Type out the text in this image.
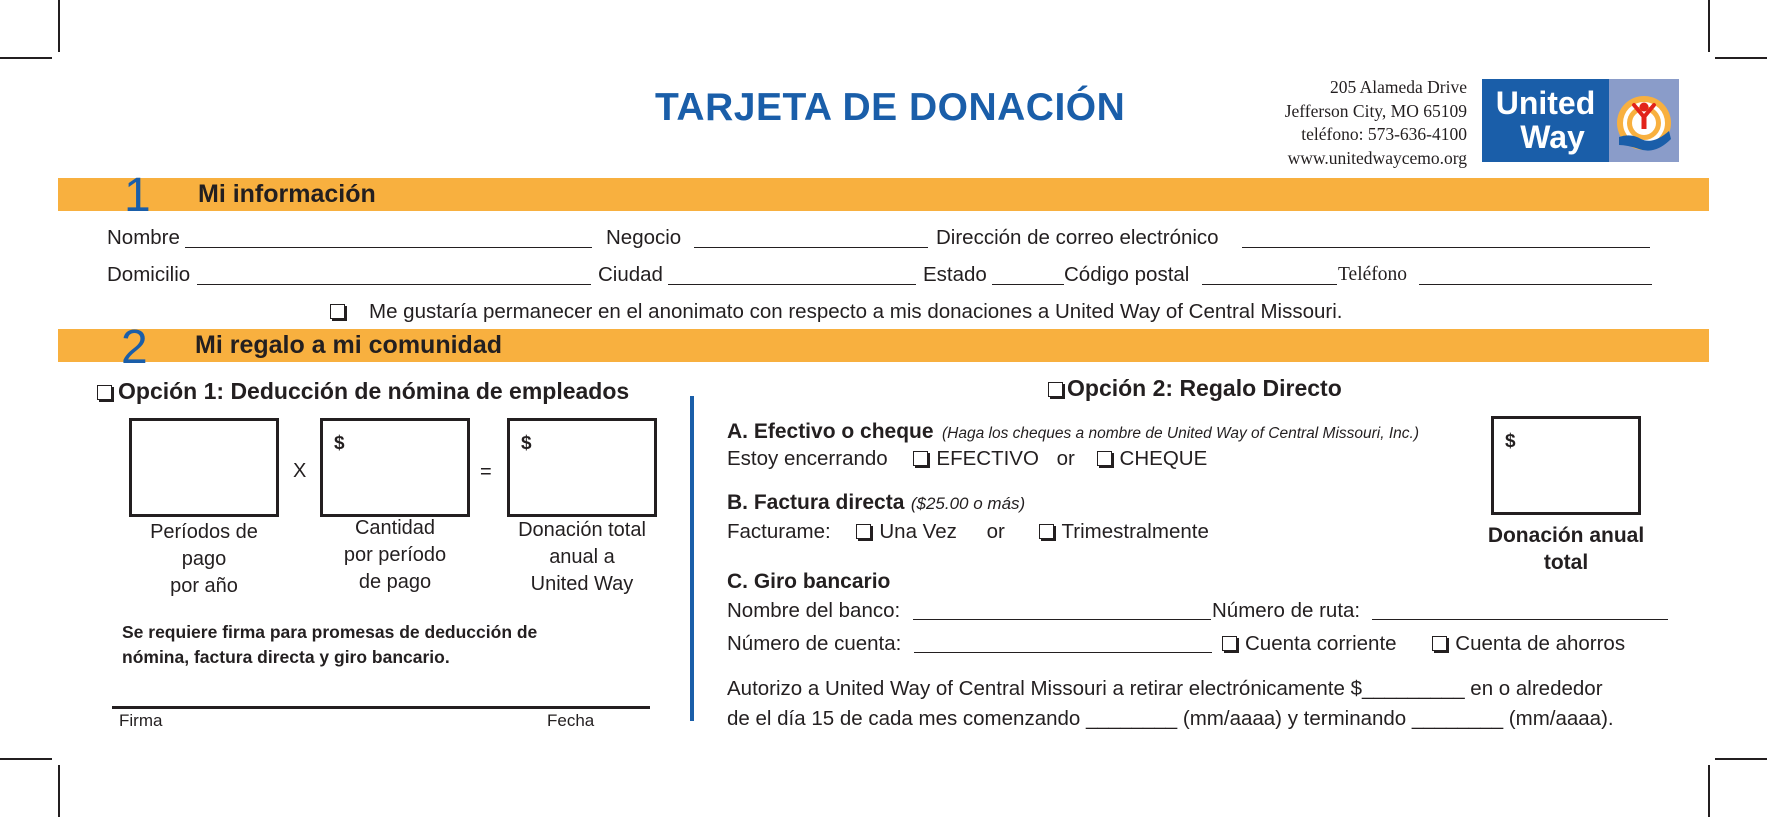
TARJETA DE DONACIÓN	205 Alameda Drive
Jefferson City, MO 65109
teléfono: 573-636-4100
www.unitedwaycemo.org
United
Way
1 Mi información
Nombre	Negocio	Dirección de correo electrónico
Domicilio	Ciudad	Estado	Código postal	Teléfono
Me gustaría permanecer en el anonimato con respecto a mis donaciones a United Way of Central Missouri.
2 Mi regalo a mi comunidad
Opción 1: Deducción de nómina de empleados
X
$
=
$
Períodos de
pago
por año
Cantidad
por período
de pago
Donación total
anual a
United Way
Se requiere firma para promesas de deducción de
nómina, factura directa y giro bancario.
Firma	Fecha
Opción 2: Regalo Directo
A. Efectivo o cheque (Haga los cheques a nombre de United Way of Central Missouri, Inc.)
Estoy encerrando EFECTIVO or CHEQUE
B. Factura directa ($25.00 o más)
Facturame: Una Vez or	Trimestralmente
$
Donación anual
total
C. Giro bancario
Nombre del banco:	Número de ruta:
Número de cuenta:	Cuenta corriente	Cuenta de ahorros
Autorizo a United Way of Central Missouri a retirar electrónicamente $_________ en o alrededor
de el día 15 de cada mes comenzando ________ (mm/aaaa) y terminando ________ (mm/aaaa).
